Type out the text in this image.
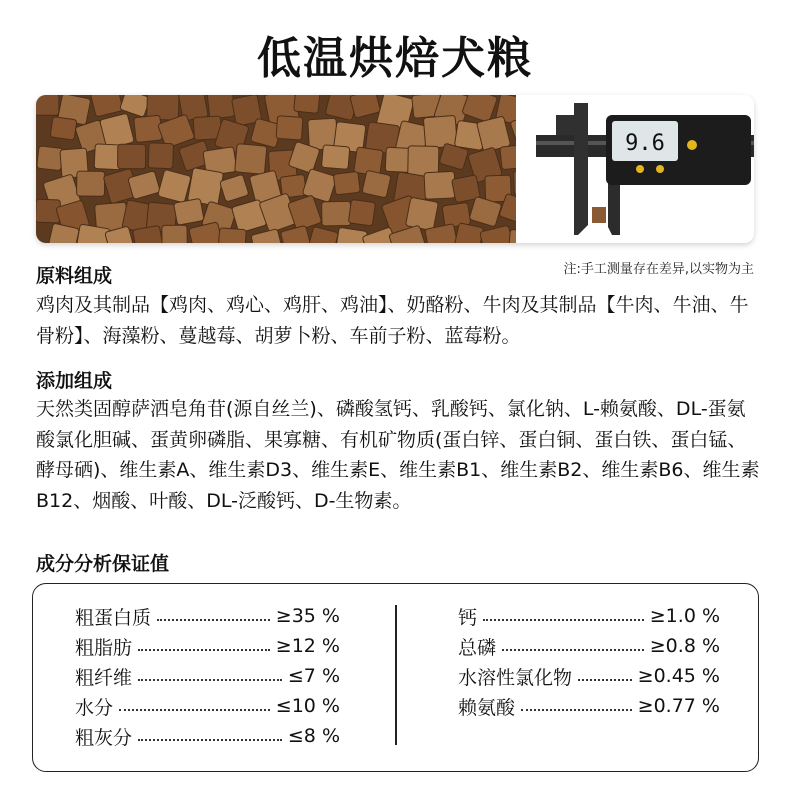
低温烘焙犬粮
9.6
原料组成	注:手工测量存在差异,以实物为主
鸡肉及其制品【鸡肉、鸡心、鸡肝、鸡油】、奶酪粉、牛肉及其制品【牛肉、牛油、牛骨粉】、海藻粉、蔓越莓、胡萝卜粉、车前子粉、蓝莓粉。
添加组成
天然类固醇萨洒皂角苷(源自丝兰)、磷酸氢钙、乳酸钙、氯化钠、L-赖氨酸、DL-蛋氨酸氯化胆碱、蛋黄卵磷脂、果寡糖、有机矿物质(蛋白锌、蛋白铜、蛋白铁、蛋白锰、酵母硒)、维生素A、维生素D3、维生素E、维生素B1、维生素B2、维生素B6、维生素B12、烟酸、叶酸、DL-泛酸钙、D-生物素。
成分分析保证值
粗蛋白质	≥35 %
粗脂肪	≥12 %
粗纤维	≤7 %
水分	≤10 %
粗灰分	≤8 %
钙	≥1.0 %
总磷	≥0.8 %
水溶性氯化物	≥0.45 %
赖氨酸	≥0.77 %
